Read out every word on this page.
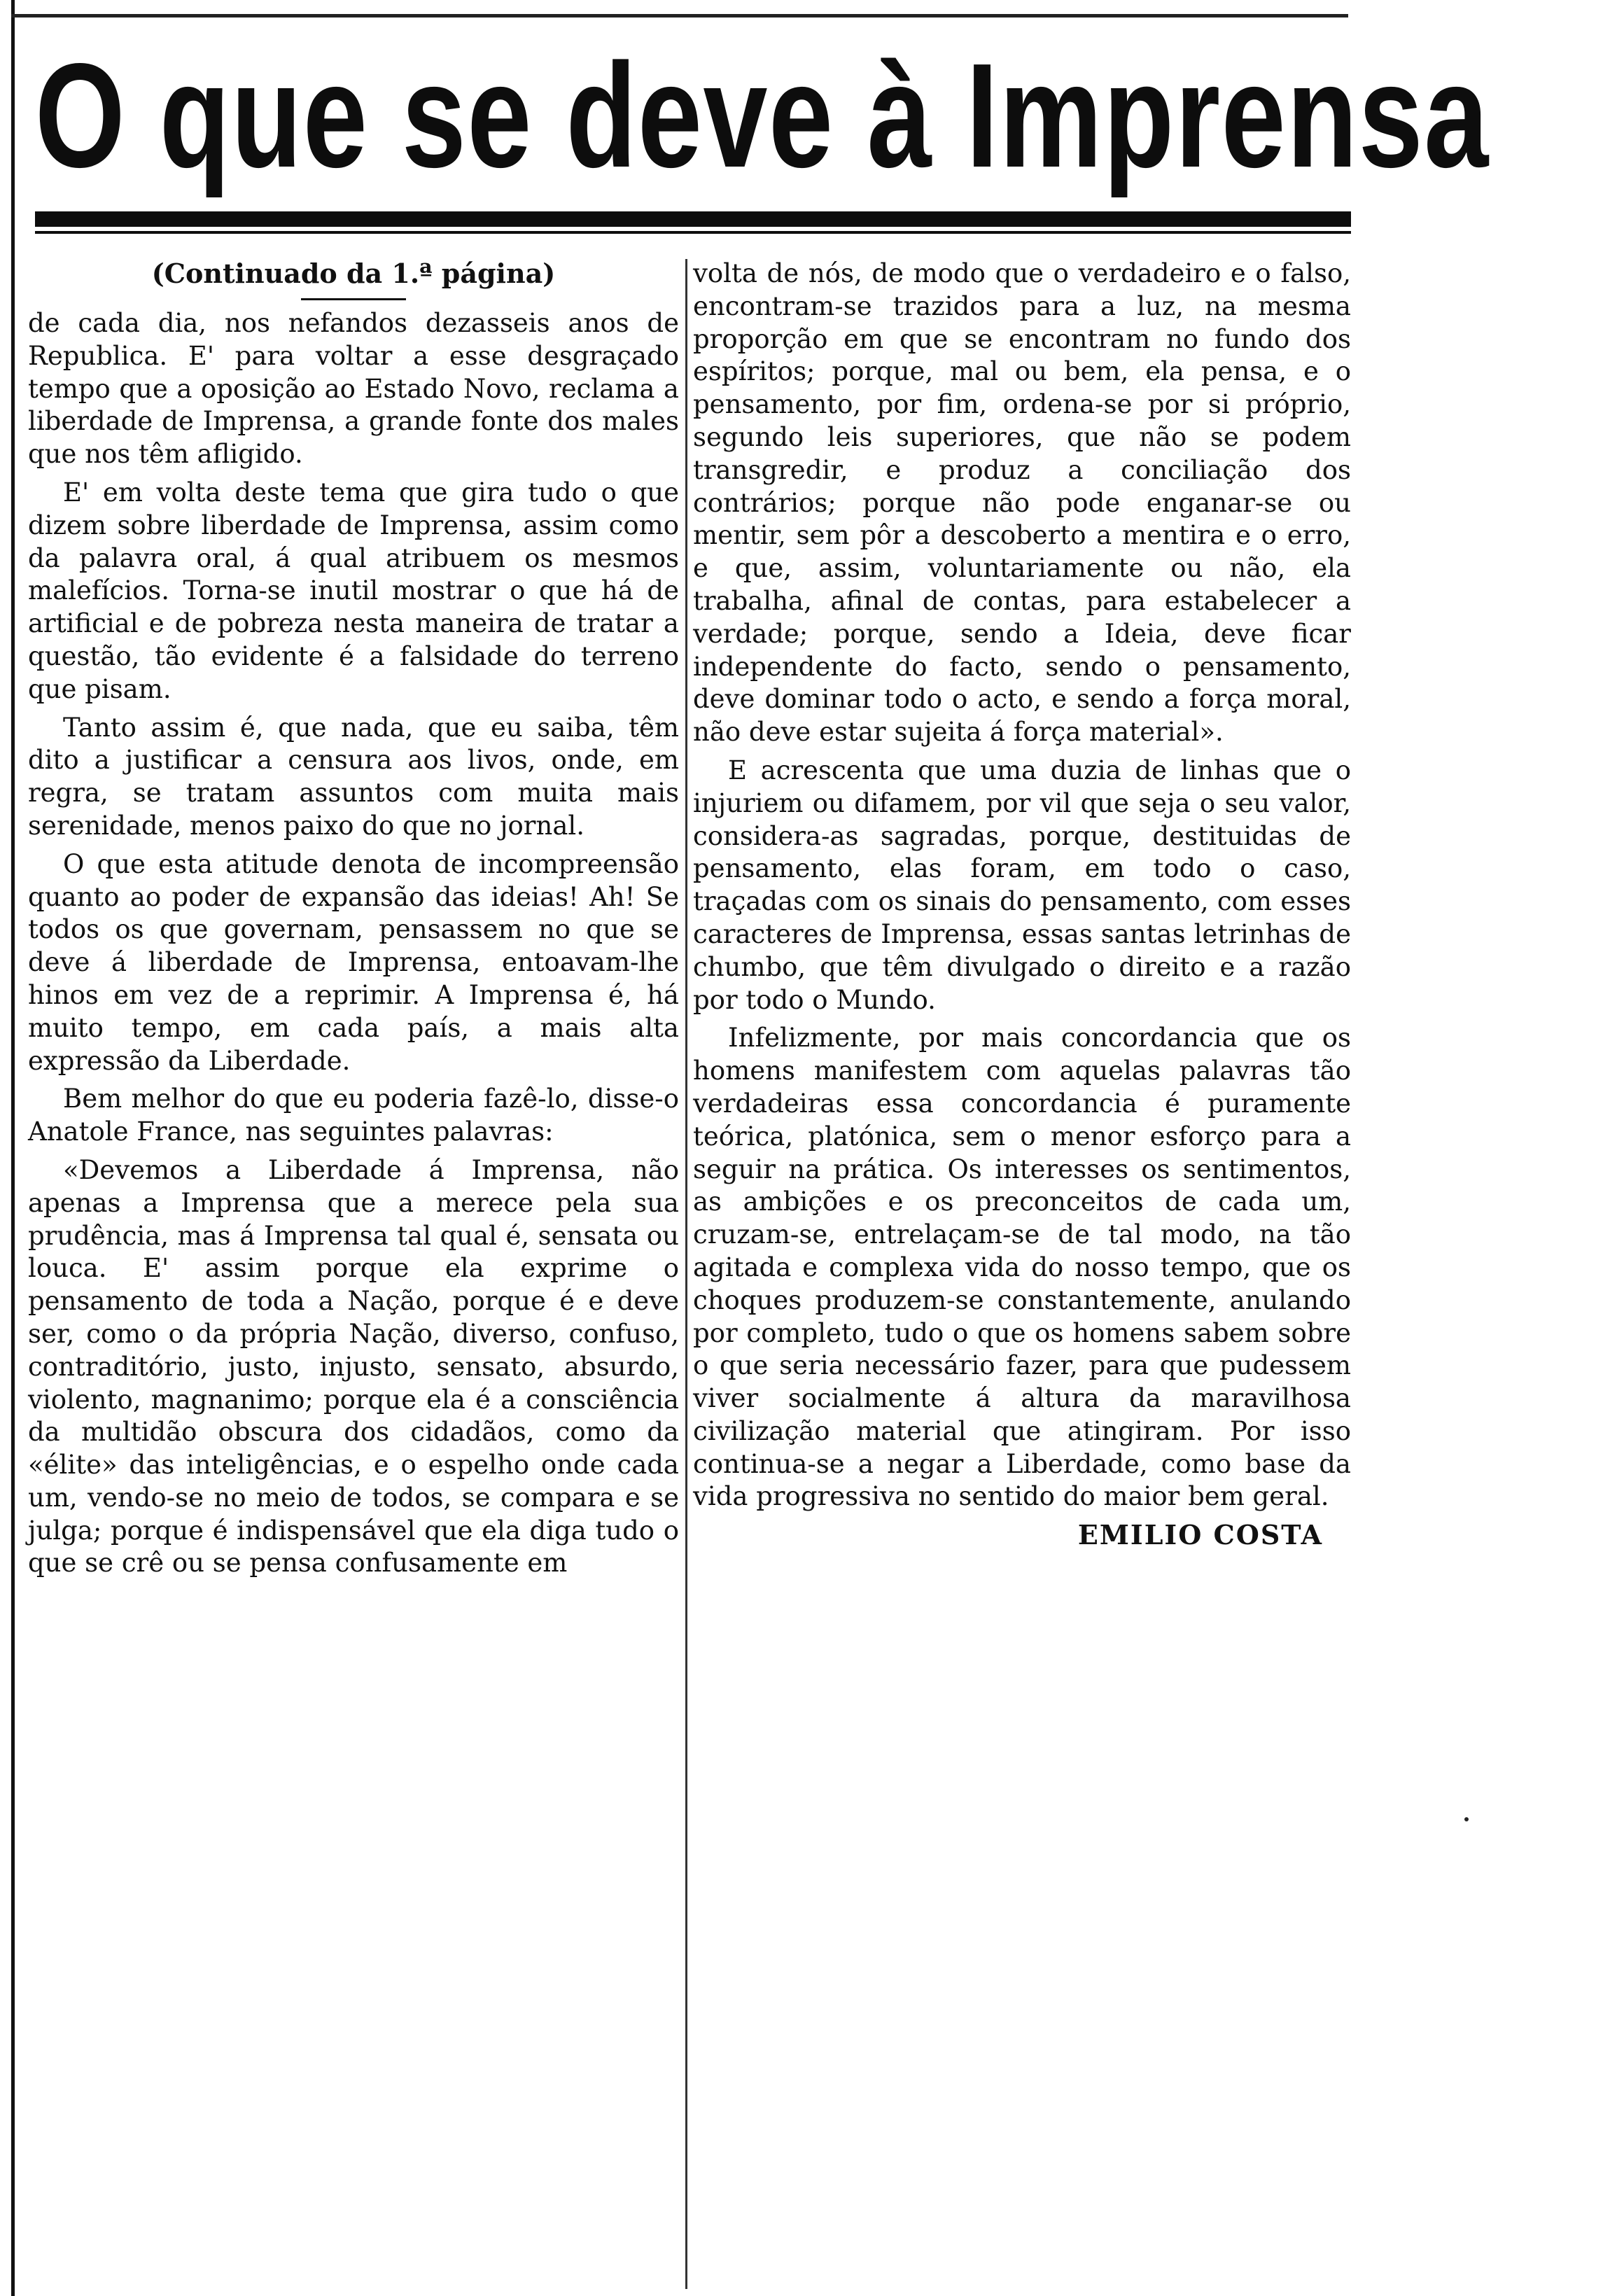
O que se deve à Imprensa
(Continuado da 1.ª página)

de cada dia, nos nefandos dezasseis anos de Republica. E' para voltar a esse desgraçado tempo que a oposição ao Estado Novo, reclama a liberdade de Imprensa, a grande fonte dos males que nos têm afligido.

E' em volta deste tema que gira tudo o que dizem sobre liberdade de Imprensa, assim como da palavra oral, á qual atribuem os mesmos malefícios. Torna-se inutil mostrar o que há de artificial e de pobreza nesta maneira de tratar a questão, tão evidente é a falsidade do terreno que pisam.

Tanto assim é, que nada, que eu saiba, têm dito a justificar a censura aos livos, onde, em regra, se tratam assuntos com muita mais serenidade, menos paixo do que no jornal.

O que esta atitude denota de incompreensão quanto ao poder de expansão das ideias! Ah! Se todos os que governam, pensassem no que se deve á liberdade de Imprensa, entoavam-lhe hinos em vez de a reprimir. A Imprensa é, há muito tempo, em cada país, a mais alta expressão da Liberdade.

Bem melhor do que eu poderia fazê-lo, disse-o Anatole France, nas seguintes palavras:

«Devemos a Liberdade á Imprensa, não apenas a Imprensa que a merece pela sua prudência, mas á Imprensa tal qual é, sensata ou louca. E' assim porque ela exprime o pensamento de toda a Nação, porque é e deve ser, como o da própria Nação, diverso, confuso, contraditório, justo, injusto, sensato, absurdo, violento, magnanimo; porque ela é a consciência da multidão obscura dos cidadãos, como da «élite» das inteligências, e o espelho onde cada um, vendo-se no meio de todos, se compara e se julga; porque é indispensável que ela diga tudo o que se crê ou se pensa confusamente em

volta de nós, de modo que o verdadeiro e o falso, encontram-se trazidos para a luz, na mesma proporção em que se encontram no fundo dos espíritos; porque, mal ou bem, ela pensa, e o pensamento, por fim, ordena-se por si próprio, segundo leis superiores, que não se podem transgredir, e produz a conciliação dos contrários; porque não pode enganar-se ou mentir, sem pôr a descoberto a mentira e o erro, e que, assim, voluntariamente ou não, ela trabalha, afinal de contas, para estabelecer a verdade; porque, sendo a Ideia, deve ficar independente do facto, sendo o pensamento, deve dominar todo o acto, e sendo a força moral, não deve estar sujeita á força material».

E acrescenta que uma duzia de linhas que o injuriem ou difamem, por vil que seja o seu valor, considera-as sagradas, porque, destituidas de pensamento, elas foram, em todo o caso, traçadas com os sinais do pensamento, com esses caracteres de Imprensa, essas santas letrinhas de chumbo, que têm divulgado o direito e a razão por todo o Mundo.

Infelizmente, por mais concordancia que os homens manifestem com aquelas palavras tão verdadeiras essa concordancia é puramente teórica, platónica, sem o menor esforço para a seguir na prática. Os interesses os sentimentos, as ambições e os preconceitos de cada um, cruzam-se, entrelaçam-se de tal modo, na tão agitada e complexa vida do nosso tempo, que os choques produzem-se constantemente, anulando por completo, tudo o que os homens sabem sobre o que seria necessário fazer, para que pudessem viver socialmente á altura da maravilhosa civilização material que atingiram. Por isso continua-se a negar a Liberdade, como base da vida progressiva no sentido do maior bem geral.

EMILIO COSTA
